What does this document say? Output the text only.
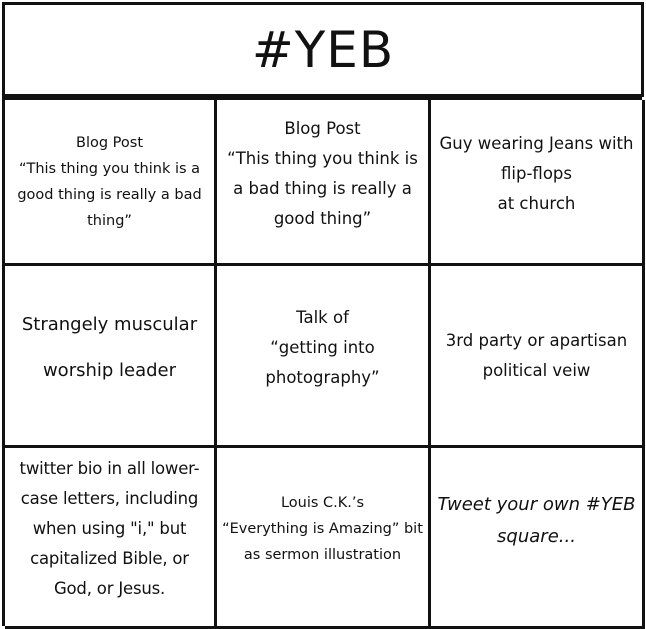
#YEB
Blog Post
“This thing you think is a good thing is really a bad thing”
Blog Post
“This thing you think is a bad thing is really a good thing”
Guy wearing Jeans with flip-flops
at church
Strangely muscular
worship leader
Talk of
“getting into photography”
3rd party or apartisan political veiw
twitter bio in all lower-case letters, including when using "i," but capitalized Bible, or God, or Jesus.
Louis C.K.’s
“Everything is Amazing” bit as sermon illustration
Tweet your own #YEB square...
